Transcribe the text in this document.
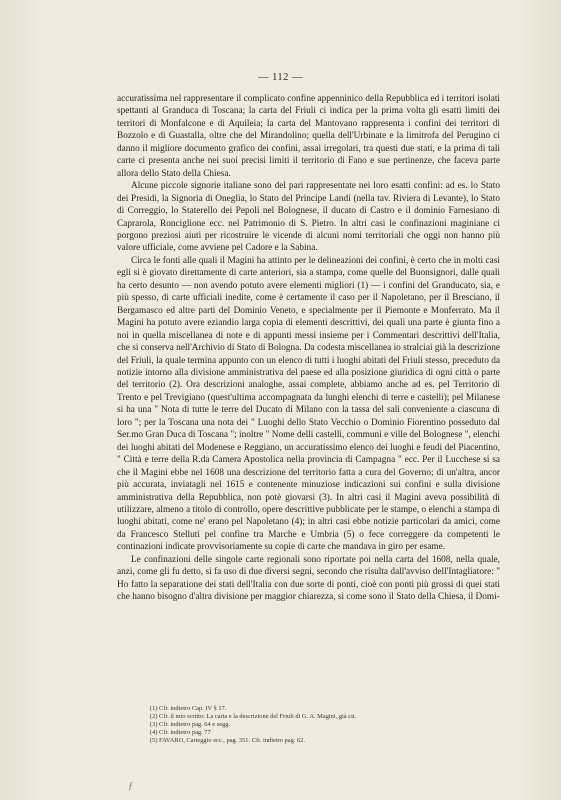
— 112 —

accuratissima nel rappresentare il complicato confine appenninico della Repubblica ed i territori isolati spettanti al Granduca di Toscana; la carta del Friuli ci indica per la prima volta gli esatti limiti dei territori di Monfalcone e di Aquileia; la carta del Mantovano rappresenta i confini dei territori di Bozzolo e di Guastalla, oltre che del Mirandolino; quella dell'Urbinate e la limitrofa del Perugino ci danno il migliore documento grafico dei confini, assai irregolari, tra questi due stati, e la prima di tali carte ci presenta anche nei suoi precisi limiti il territorio di Fano e sue pertinenze, che faceva parte allora dello Stato della Chiesa.

Alcune piccole signorie italiane sono del pari rappresentate nei loro esatti confini: ad es. lo Stato dei Presidi, la Signoria di Oneglia, lo Stato del Principe Landi (nella tav. Riviera di Levante), lo Stato di Correggio, lo Staterello dei Pepoli nel Bolognese, il ducato di Castro e il dominio Farnesiano di Caprarola, Ronciglione ecc. nel Patrimonio di S. Pietro. In altri casi le confinazioni maginiane ci porgono preziosi aiuti per ricostruire le vicende di alcuni nomi territoriali che oggi non hanno più valore ufficiale, come avviene pel Cadore e la Sabina.

Circa le fonti alle quali il Magini ha attinto per le delineazioni dei confini, è certo che in molti casi egli si è giovato direttamente di carte anteriori, sia a stampa, come quelle del Buonsignori, dalle quali ha certo desunto — non avendo potuto avere elementi migliori (1) — i confini del Granducato, sia, e più spesso, di carte ufficiali inedite, come è certamente il caso per il Napoletano, per il Bresciano, il Bergamasco ed altre parti del Dominio Veneto, e specialmente per il Piemonte e Monferrato. Ma il Magini ha potuto avere eziandio larga copia di elementi descrittivi, dei quali una parte è giunta fino a noi in quella miscellanea di note e di appunti messi insieme per i Commentari descrittivi dell'Italia, che si conserva nell'Archivio di Stato di Bologna. Da codesta miscellanea io stralciai già la descrizione del Friuli, la quale termina appunto con un elenco di tutti i luoghi abitati del Friuli stesso, preceduto da notizie intorno alla divisione amministrativa del paese ed alla posizione giuridica di ogni città o parte del territorio (2). Ora descrizioni analoghe, assai complete, abbiamo anche ad es. pel Territorio di Trento e pel Trevigiano (quest'ultima accompagnata da lunghi elenchi di terre e castelli); pel Milanese si ha una " Nota di tutte le terre del Ducato di Milano con la tassa del sali conveniente a ciascuna di loro "; per la Toscana una nota dei " Luoghi dello Stato Vecchio o Dominio Fiorentino posseduto dal Ser.mo Gran Duca di Toscana "; inoltre " Nome delli castelli, communi e ville del Bolognese ", elenchi dei luoghi abitati del Modenese e Reggiano, un accuratissimo elenco dei luoghi e feudi del Piacentino, " Città e terre della R.da Camera Apostolica nella provincia di Campagna " ecc. Per il Lucchese si sa che il Magini ebbe nel 1608 una descrizione del territorio fatta a cura del Governo; di un'altra, ancor più accurata, inviatagli nel 1615 e contenente minuziose indicazioni sui confini e sulla divisione amministrativa della Repubblica, non potè giovarsi (3). In altri casi il Magini aveva possibilità di utilizzare, almeno a titolo di controllo, opere descrittive pubblicate per le stampe, o elenchi a stampa di luoghi abitati, come ne' erano pel Napoletano (4); in altri casi ebbe notizie particolari da amici, come da Francesco Stelluti pel confine tra Marche e Umbria (5) o fece correggere da competenti le continazioni indicate provvisoriamente su copie di carte che mandava in giro per esame.

Le confinazioni delle singole carte regionali sono riportate poi nella carta del 1608, nella quale, anzi, come gli fu detto, si fa uso di due diversi segni, secondo che risulta dall'avviso dell'Intagliatore: " Ho fatto la separatione dei stati dell'Italia con due sorte di ponti, cioè con ponti più grossi di quei stati che hanno bisogno d'altra divisione per maggior chiarezza, sì come sono il Stato della Chiesa, il Domi-

(1) Cfr. indietro Cap. IV § 17.
(2) Cfr. il mio scritto: La carta e la descrizione del Friuli di G. A. Magini, già cit.
(3) Cfr. indietro pag. 64 e segg.
(4) Cfr. indietro pag. 77
(5) FAVARO, Carteggio ecc., pag. 351. Cfr. indietro pag. 62.
ƒ
